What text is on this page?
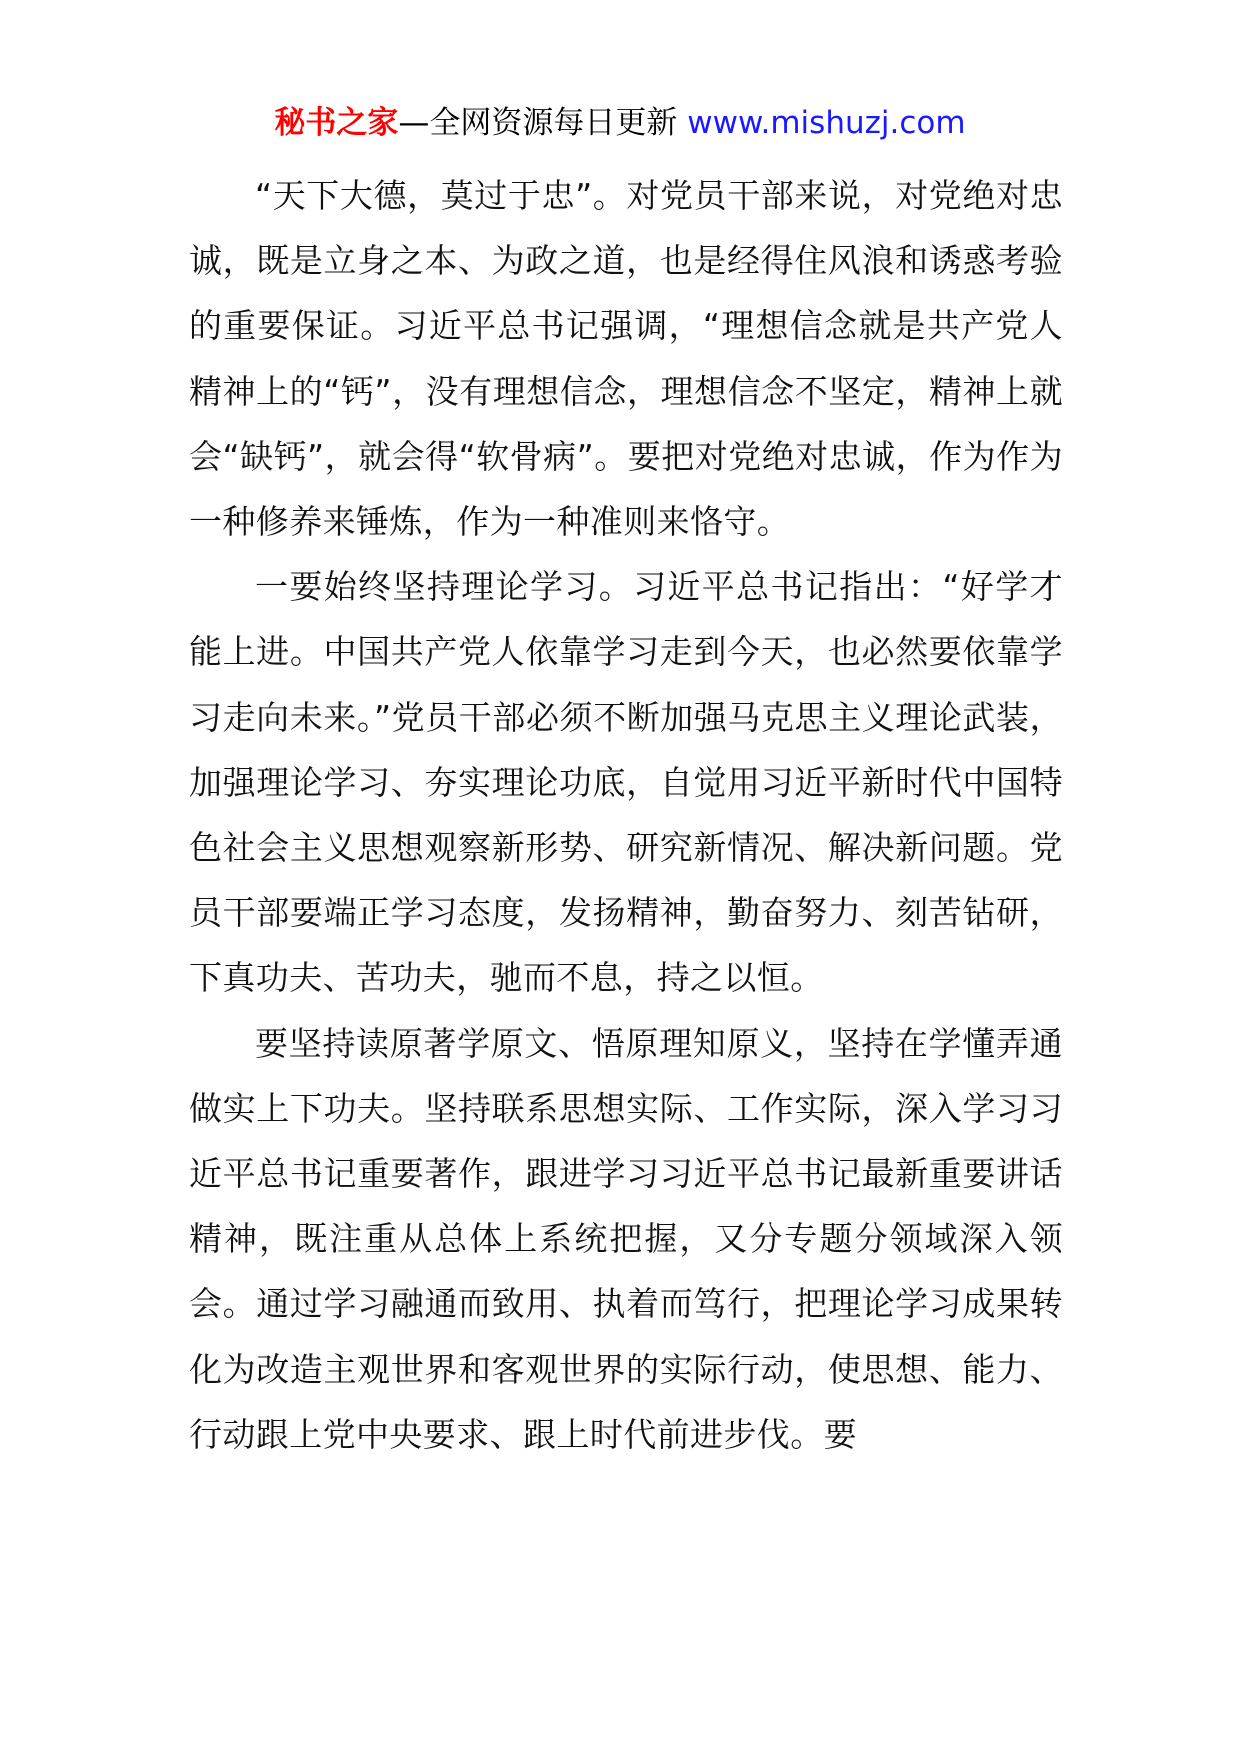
秘书之家—全网资源每日更新 www.mishuzj.com

“天下大德，莫过于忠”。对党员干部来说，对党绝对忠诚，既是立身之本、为政之道，也是经得住风浪和诱惑考验的重要保证。习近平总书记强调，“理想信念就是共产党人精神上的“钙”，没有理想信念，理想信念不坚定，精神上就会“缺钙”，就会得“软骨病”。要把对党绝对忠诚，作为作为一种修养来锤炼，作为一种准则来恪守。

一要始终坚持理论学习。习近平总书记指出：“好学才能上进。中国共产党人依靠学习走到今天，也必然要依靠学习走向未来。”党员干部必须不断加强马克思主义理论武装，加强理论学习、夯实理论功底，自觉用习近平新时代中国特色社会主义思想观察新形势、研究新情况、解决新问题。党员干部要端正学习态度，发扬精神，勤奋努力、刻苦钻研，下真功夫、苦功夫，驰而不息，持之以恒。

要坚持读原著学原文、悟原理知原义，坚持在学懂弄通做实上下功夫。坚持联系思想实际、工作实际，深入学习习近平总书记重要著作，跟进学习习近平总书记最新重要讲话精神，既注重从总体上系统把握，又分专题分领域深入领会。通过学习融通而致用、执着而笃行，把理论学习成果转化为改造主观世界和客观世界的实际行动，使思想、能力、行动跟上党中央要求、跟上时代前进步伐。要
